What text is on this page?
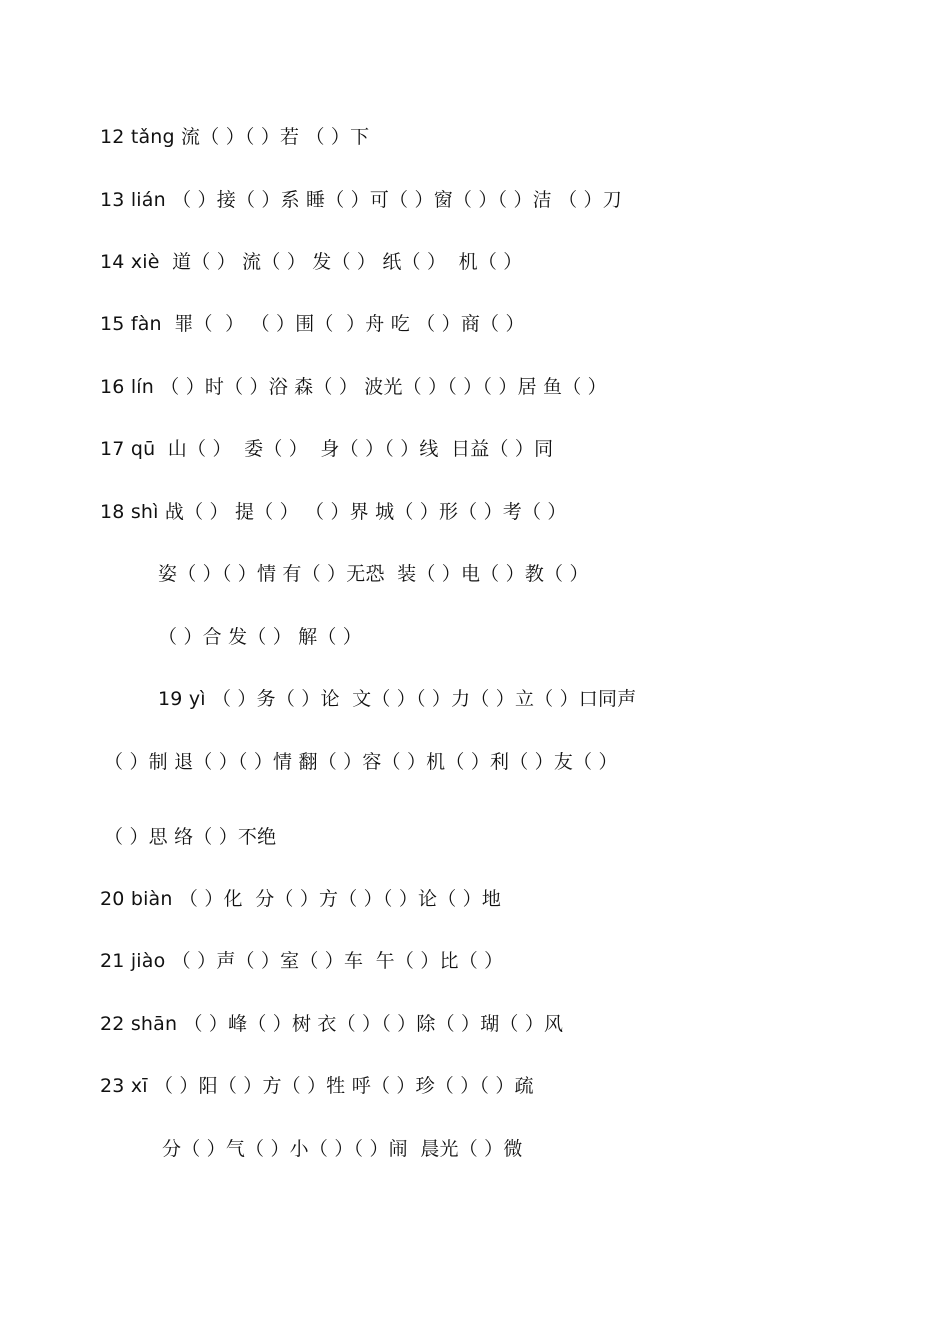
12 tǎng 流（ ）（ ）若 （ ）下
13 lián （ ）接（ ）系 睡（ ）可（ ）窗（ ）（ ）洁 （ ）刀
14 xiè  道（ ） 流（ ） 发（ ） 纸（ ）  机（ ）
15 fàn  罪（  ） （ ）围（  ）舟 吃 （ ）商（ ）
16 lín （ ）时（ ）浴 森（ ） 波光（ ）（ ）（ ）居 鱼（ ）
17 qū  山（ ）  委（ ）  身（ ）（ ）线  日益（ ）同
18 shì 战（ ） 提（ ） （ ）界 城（ ）形（ ）考（ ）
姿（ ）（ ）情 有（ ）无恐  装（ ）电（ ）教（ ）
（ ）合 发（ ） 解（ ）
19 yì （ ）务（ ）论  文（ ）（ ）力（ ）立（ ）口同声
（ ）制 退（ ）（ ）情 翻（ ）容（ ）机（ ）利（ ）友（ ）
（ ）思 络（ ）不绝
20 biàn （ ）化  分（ ）方（ ）（ ）论（ ）地
21 jiào （ ）声（ ）室（ ）车  午（ ）比（ ）
22 shān （ ）峰（ ）树 衣（ ）（ ）除（ ）瑚（ ）风
23 xī （ ）阳（ ）方（ ）牲 呼（ ）珍（ ）（ ）疏
分（ ）气（ ）小（ ）（ ）闹  晨光（ ）微
